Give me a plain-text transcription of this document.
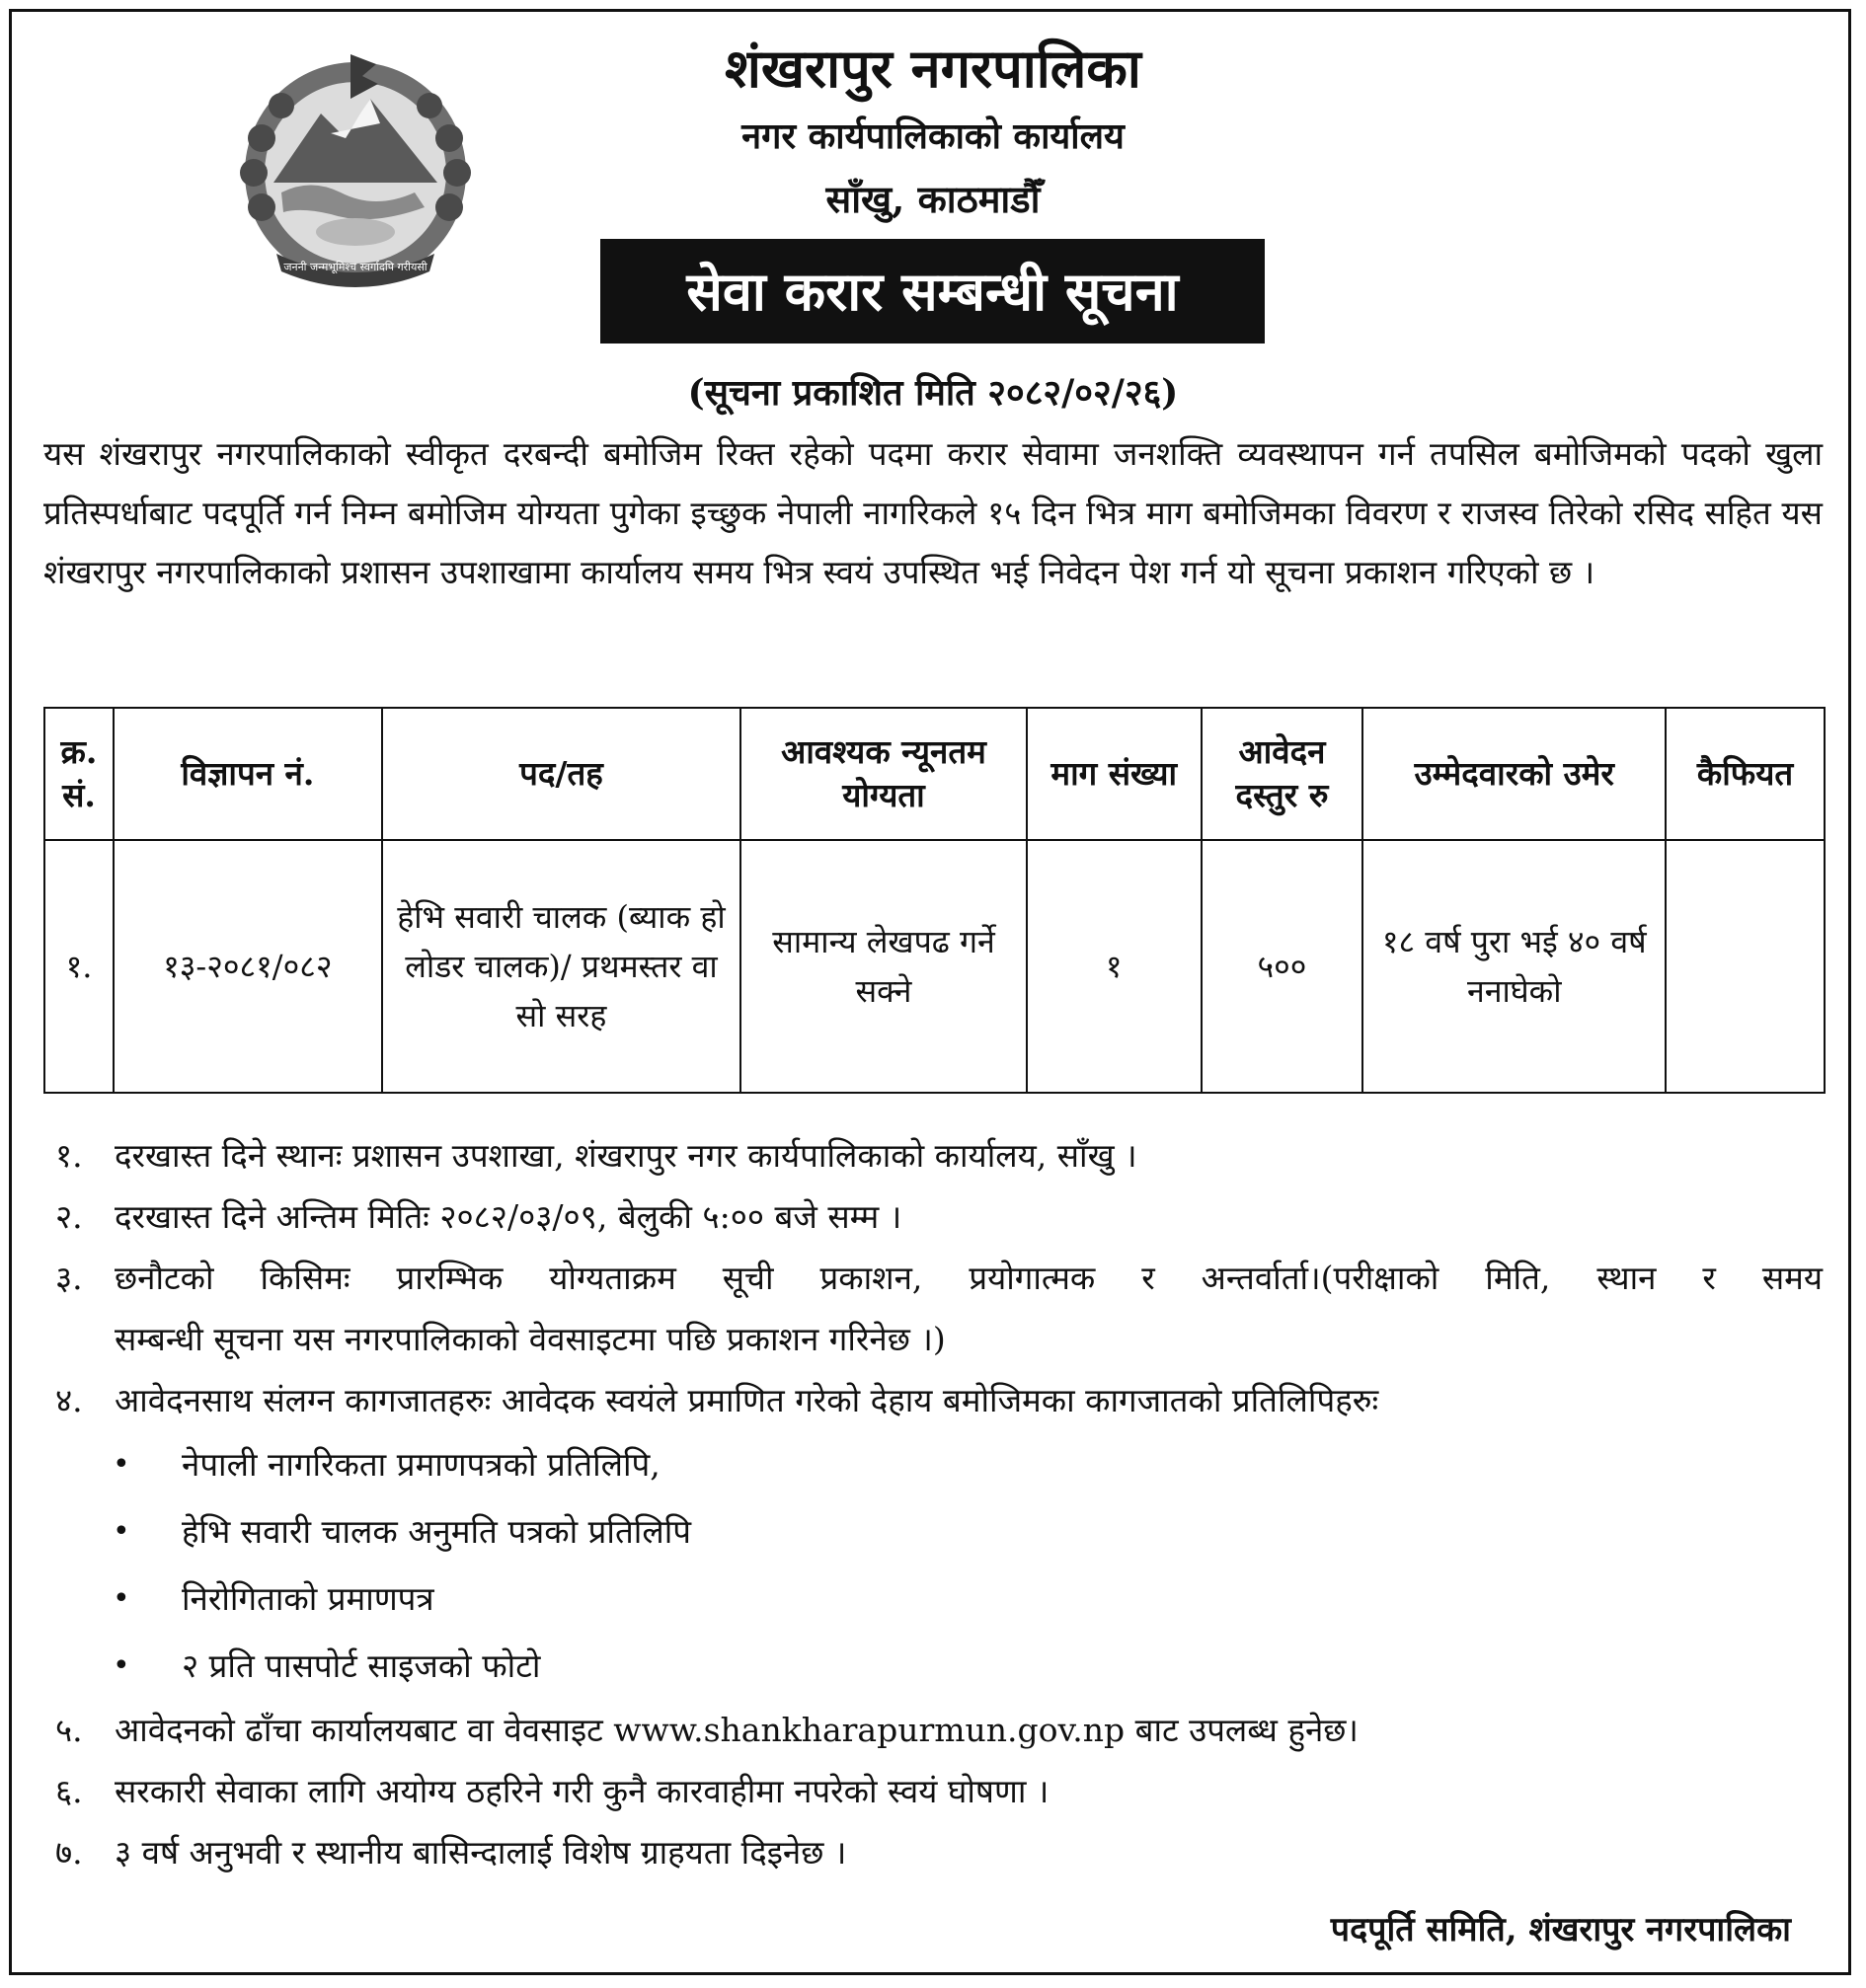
जननी जन्मभूमिश्च स्वर्गादपि गरीयसी
शंखरापुर नगरपालिका
नगर कार्यपालिकाको कार्यालय
साँखु, काठमाडौँ
सेवा करार सम्बन्धी सूचना
(सूचना प्रकाशित मिति २०८२/०२/२६)
यस शंखरापुर नगरपालिकाको स्वीकृत दरबन्दी बमोजिम रिक्त रहेको पदमा करार सेवामा जनशक्ति व्यवस्थापन गर्न तपसिल बमोजिमको पदको खुला प्रतिस्पर्धाबाट पदपूर्ति गर्न निम्न बमोजिम योग्यता पुगेका इच्छुक नेपाली नागरिकले १५ दिन भित्र माग बमोजिमका विवरण र राजस्व तिरेको रसिद सहित यस शंखरापुर नगरपालिकाको प्रशासन उपशाखामा कार्यालय समय भित्र स्वयं उपस्थित भई निवेदन पेश गर्न यो सूचना प्रकाशन गरिएको छ ।
क्र. सं.	विज्ञापन नं.	पद/तह	आवश्यक न्यूनतम योग्यता	माग संख्या	आवेदन दस्तुर रु	उम्मेदवारको उमेर	कैफियत
१.	१३-२०८१/०८२	हेभि सवारी चालक (ब्याक हो लोडर चालक)/ प्रथमस्तर वा सो सरह	सामान्य लेखपढ गर्ने सक्ने	१	५००	१८ वर्ष पुरा भई ४० वर्ष ननाघेको	
१. दरखास्त दिने स्थानः प्रशासन उपशाखा, शंखरापुर नगर कार्यपालिकाको कार्यालय, साँखु ।
२. दरखास्त दिने अन्तिम मितिः २०८२/०३/०९, बेलुकी ५:०० बजे सम्म ।
३. छनौटको किसिमः प्रारम्भिक योग्यताक्रम सूची प्रकाशन, प्रयोगात्मक र अन्तर्वार्ता।(परीक्षाको मिति, स्थान र समय
सम्बन्धी सूचना यस नगरपालिकाको वेवसाइटमा पछि प्रकाशन गरिनेछ ।)
४. आवेदनसाथ संलग्न कागजातहरुः आवेदक स्वयंले प्रमाणित गरेको देहाय बमोजिमका कागजातको प्रतिलिपिहरुः
• नेपाली नागरिकता प्रमाणपत्रको प्रतिलिपि,
• हेभि सवारी चालक अनुमति पत्रको प्रतिलिपि
• निरोगिताको प्रमाणपत्र
• २ प्रति पासपोर्ट साइजको फोटो
५. आवेदनको ढाँचा कार्यालयबाट वा वेवसाइट www.shankharapurmun.gov.np बाट उपलब्ध हुनेछ।
६. सरकारी सेवाका लागि अयोग्य ठहरिने गरी कुनै कारवाहीमा नपरेको स्वयं घोषणा ।
७. ३ वर्ष अनुभवी र स्थानीय बासिन्दालाई विशेष ग्राहयता दिइनेछ ।
पदपूर्ति समिति, शंखरापुर नगरपालिका
